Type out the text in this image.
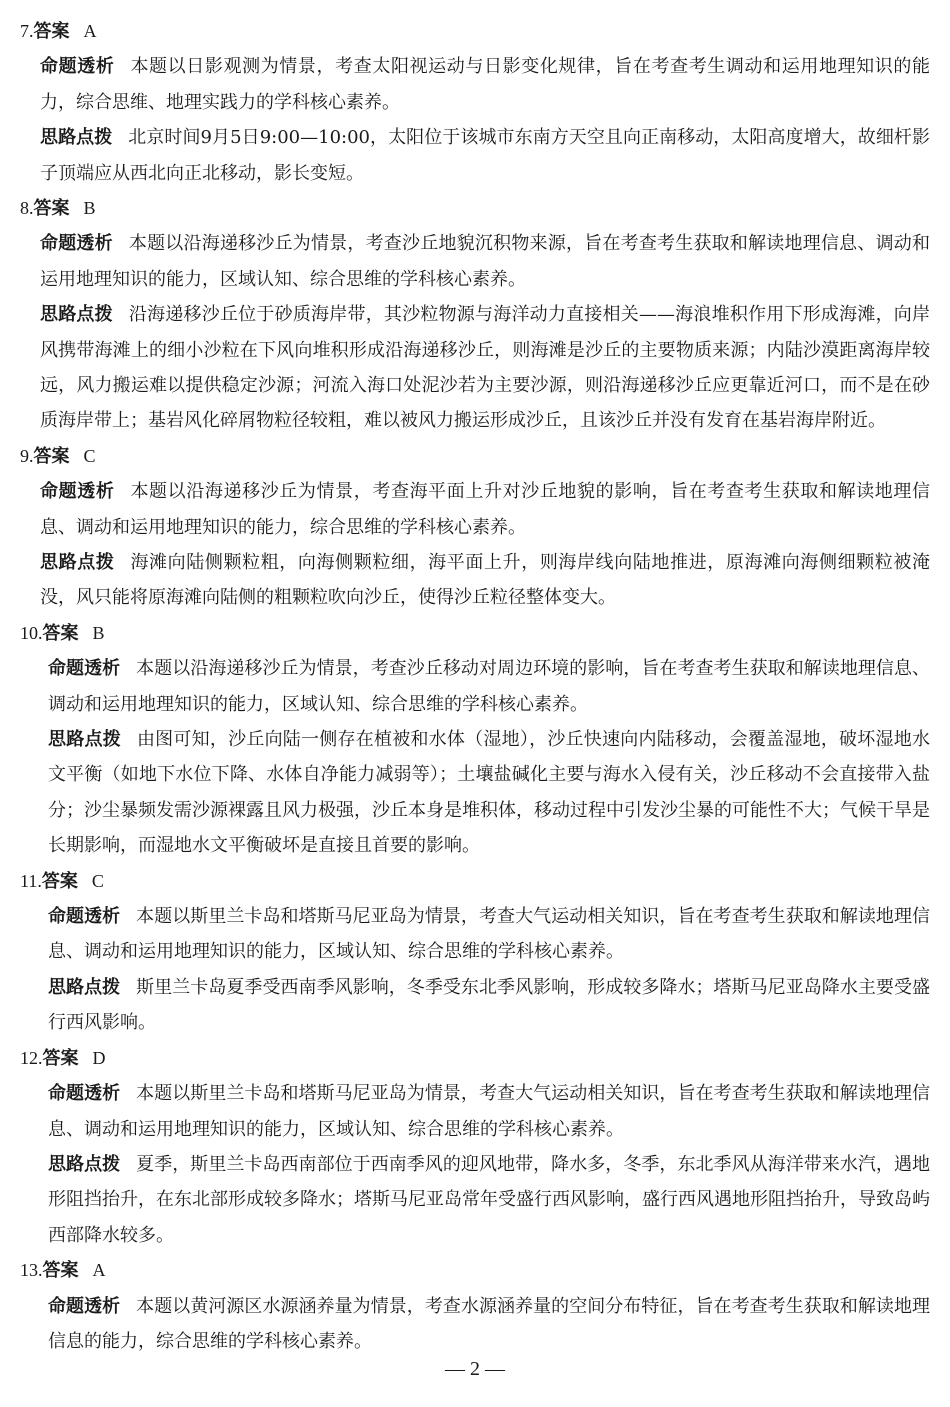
7.答案 A

命题透析 本题以日影观测为情景，考查太阳视运动与日影变化规律，旨在考查考生调动和运用地理知识的能力，综合思维、地理实践力的学科核心素养。

思路点拨 北京时间9月5日9:00—10:00，太阳位于该城市东南方天空且向正南移动，太阳高度增大，故细杆影子顶端应从西北向正北移动，影长变短。

8.答案 B

命题透析 本题以沿海递移沙丘为情景，考查沙丘地貌沉积物来源，旨在考查考生获取和解读地理信息、调动和运用地理知识的能力，区域认知、综合思维的学科核心素养。

思路点拨 沿海递移沙丘位于砂质海岸带，其沙粒物源与海洋动力直接相关——海浪堆积作用下形成海滩，向岸风携带海滩上的细小沙粒在下风向堆积形成沿海递移沙丘，则海滩是沙丘的主要物质来源；内陆沙漠距离海岸较远，风力搬运难以提供稳定沙源；河流入海口处泥沙若为主要沙源，则沿海递移沙丘应更靠近河口，而不是在砂质海岸带上；基岩风化碎屑物粒径较粗，难以被风力搬运形成沙丘，且该沙丘并没有发育在基岩海岸附近。

9.答案 C

命题透析 本题以沿海递移沙丘为情景，考查海平面上升对沙丘地貌的影响，旨在考查考生获取和解读地理信息、调动和运用地理知识的能力，综合思维的学科核心素养。

思路点拨 海滩向陆侧颗粒粗，向海侧颗粒细，海平面上升，则海岸线向陆地推进，原海滩向海侧细颗粒被淹没，风只能将原海滩向陆侧的粗颗粒吹向沙丘，使得沙丘粒径整体变大。

10.答案 B

命题透析 本题以沿海递移沙丘为情景，考查沙丘移动对周边环境的影响，旨在考查考生获取和解读地理信息、调动和运用地理知识的能力，区域认知、综合思维的学科核心素养。

思路点拨 由图可知，沙丘向陆一侧存在植被和水体（湿地），沙丘快速向内陆移动，会覆盖湿地，破坏湿地水文平衡（如地下水位下降、水体自净能力减弱等）；土壤盐碱化主要与海水入侵有关，沙丘移动不会直接带入盐分；沙尘暴频发需沙源裸露且风力极强，沙丘本身是堆积体，移动过程中引发沙尘暴的可能性不大；气候干旱是长期影响，而湿地水文平衡破坏是直接且首要的影响。

11.答案 C

命题透析 本题以斯里兰卡岛和塔斯马尼亚岛为情景，考查大气运动相关知识，旨在考查考生获取和解读地理信息、调动和运用地理知识的能力，区域认知、综合思维的学科核心素养。

思路点拨 斯里兰卡岛夏季受西南季风影响，冬季受东北季风影响，形成较多降水；塔斯马尼亚岛降水主要受盛行西风影响。

12.答案 D

命题透析 本题以斯里兰卡岛和塔斯马尼亚岛为情景，考查大气运动相关知识，旨在考查考生获取和解读地理信息、调动和运用地理知识的能力，区域认知、综合思维的学科核心素养。

思路点拨 夏季，斯里兰卡岛西南部位于西南季风的迎风地带，降水多，冬季，东北季风从海洋带来水汽，遇地形阻挡抬升，在东北部形成较多降水；塔斯马尼亚岛常年受盛行西风影响，盛行西风遇地形阻挡抬升，导致岛屿西部降水较多。

13.答案 A

命题透析 本题以黄河源区水源涵养量为情景，考查水源涵养量的空间分布特征，旨在考查考生获取和解读地理信息的能力，综合思维的学科核心素养。

— 2 —
